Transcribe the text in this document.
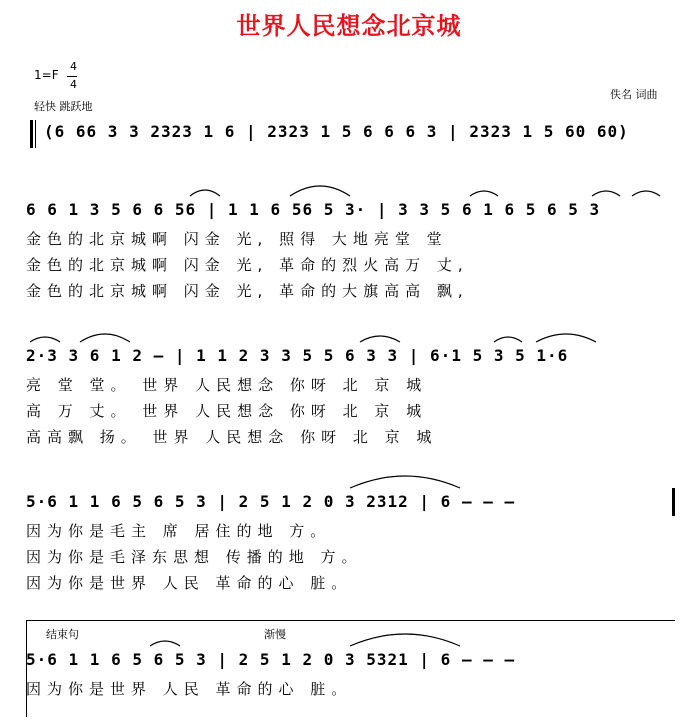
世界人民想念北京城
1=F
4
4
轻快 跳跃地
佚名 词曲
(6 66 3 3 2323 1 6 | 2323 1 5 6 6 6 3 | 2323 1 5 60 60)
6 6 1 3 5 6 6 56 | 1 1 6 56 5 3· | 3 3 5 6 1 6 5 6 5 3
金色的北京城啊 闪金 光, 照得 大地亮堂 堂
金色的北京城啊 闪金 光, 革命的烈火高万 丈,
金色的北京城啊 闪金 光, 革命的大旗高高 飘,
2·3 3 6 1 2 – | 1 1 2 3 3 5 5 6 3 3 | 6·1 5 3 5 1·6
亮 堂 堂。 世界 人民想念 你呀 北 京 城
高 万 丈。 世界 人民想念 你呀 北 京 城
高高飘 扬。 世界 人民想念 你呀 北 京 城
5·6 1 1 6 5 6 5 3 | 2 5 1 2 0 3 2312 | 6 – – –
因为你是毛主 席 居住的地 方。
因为你是毛泽东思想 传播的地 方。
因为你是世界 人民 革命的心 脏。
结束句	渐慢
5·6 1 1 6 5 6 5 3 | 2 5 1 2 0 3 5321 | 6 – – –
因为你是世界 人民 革命的心 脏。
